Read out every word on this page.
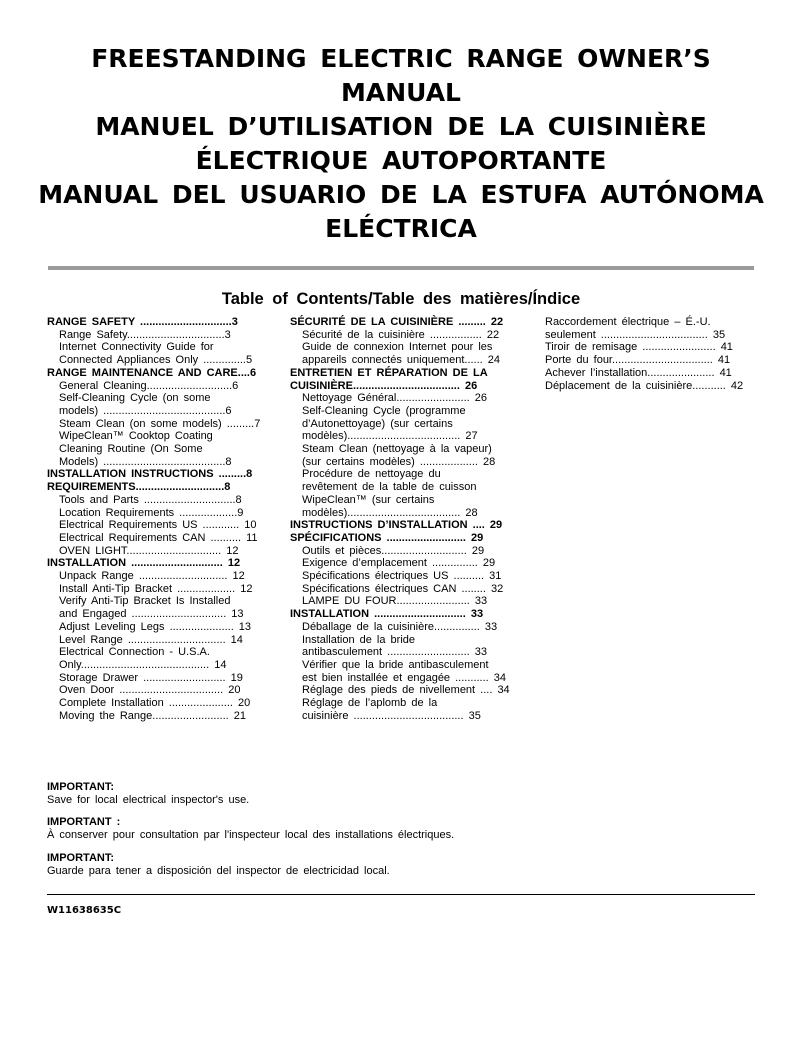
FREESTANDING ELECTRIC RANGE OWNER’S
MANUAL
MANUEL D’UTILISATION DE LA CUISINIÈRE
ÉLECTRIQUE AUTOPORTANTE
MANUAL DEL USUARIO DE LA ESTUFA AUTÓNOMA
ELÉCTRICA
Table of Contents/Table des matières/Índice
RANGE SAFETY ..............................3
Range Safety................................3
Internet Connectivity Guide for
Connected Appliances Only ..............5
RANGE MAINTENANCE AND CARE....6
General Cleaning............................6
Self-Cleaning Cycle (on some
models) ........................................6
Steam Clean (on some models) .........7
WipeClean™ Cooktop Coating
Cleaning Routine (On Some
Models) ........................................8
INSTALLATION INSTRUCTIONS .........8
REQUIREMENTS.............................8
Tools and Parts ..............................8
Location Requirements ...................9
Electrical Requirements US ............ 10
Electrical Requirements CAN .......... 11
OVEN LIGHT............................... 12
INSTALLATION .............................. 12
Unpack Range ............................. 12
Install Anti-Tip Bracket ................... 12
Verify Anti-Tip Bracket Is Installed
and Engaged ............................... 13
Adjust Leveling Legs ..................... 13
Level Range ................................ 14
Electrical Connection - U.S.A.
Only.......................................... 14
Storage Drawer ........................... 19
Oven Door .................................. 20
Complete Installation ..................... 20
Moving the Range......................... 21
SÉCURITÉ DE LA CUISINIÈRE ......... 22
Sécurité de la cuisinière ................. 22
Guide de connexion Internet pour les
appareils connectés uniquement...... 24
ENTRETIEN ET RÉPARATION DE LA
CUISINIÈRE................................... 26
Nettoyage Général........................ 26
Self-Cleaning Cycle (programme
d’Autonettoyage) (sur certains
modèles)..................................... 27
Steam Clean (nettoyage à la vapeur)
(sur certains modèles) ................... 28
Procédure de nettoyage du
revêtement de la table de cuisson
WipeClean™ (sur certains
modèles)..................................... 28
INSTRUCTIONS D’INSTALLATION .... 29
SPÉCIFICATIONS .......................... 29
Outils et pièces............................ 29
Exigence d’emplacement ............... 29
Spécifications électriques US .......... 31
Spécifications électriques CAN ........ 32
LAMPE DU FOUR........................ 33
INSTALLATION .............................. 33
Déballage de la cuisinière............... 33
Installation de la bride
antibasculement ........................... 33
Vérifier que la bride antibasculement
est bien installée et engagée ........... 34
Réglage des pieds de nivellement .... 34
Réglage de l’aplomb de la
cuisinière .................................... 35
Raccordement électrique – É.-U.
seulement ................................... 35
Tiroir de remisage ........................ 41
Porte du four................................. 41
Achever l’installation...................... 41
Déplacement de la cuisinière........... 42
IMPORTANT:
Save for local electrical inspector's use.
IMPORTANT :
À conserver pour consultation par l'inspecteur local des installations électriques.
IMPORTANT:
Guarde para tener a disposición del inspector de electricidad local.
W11638635C
